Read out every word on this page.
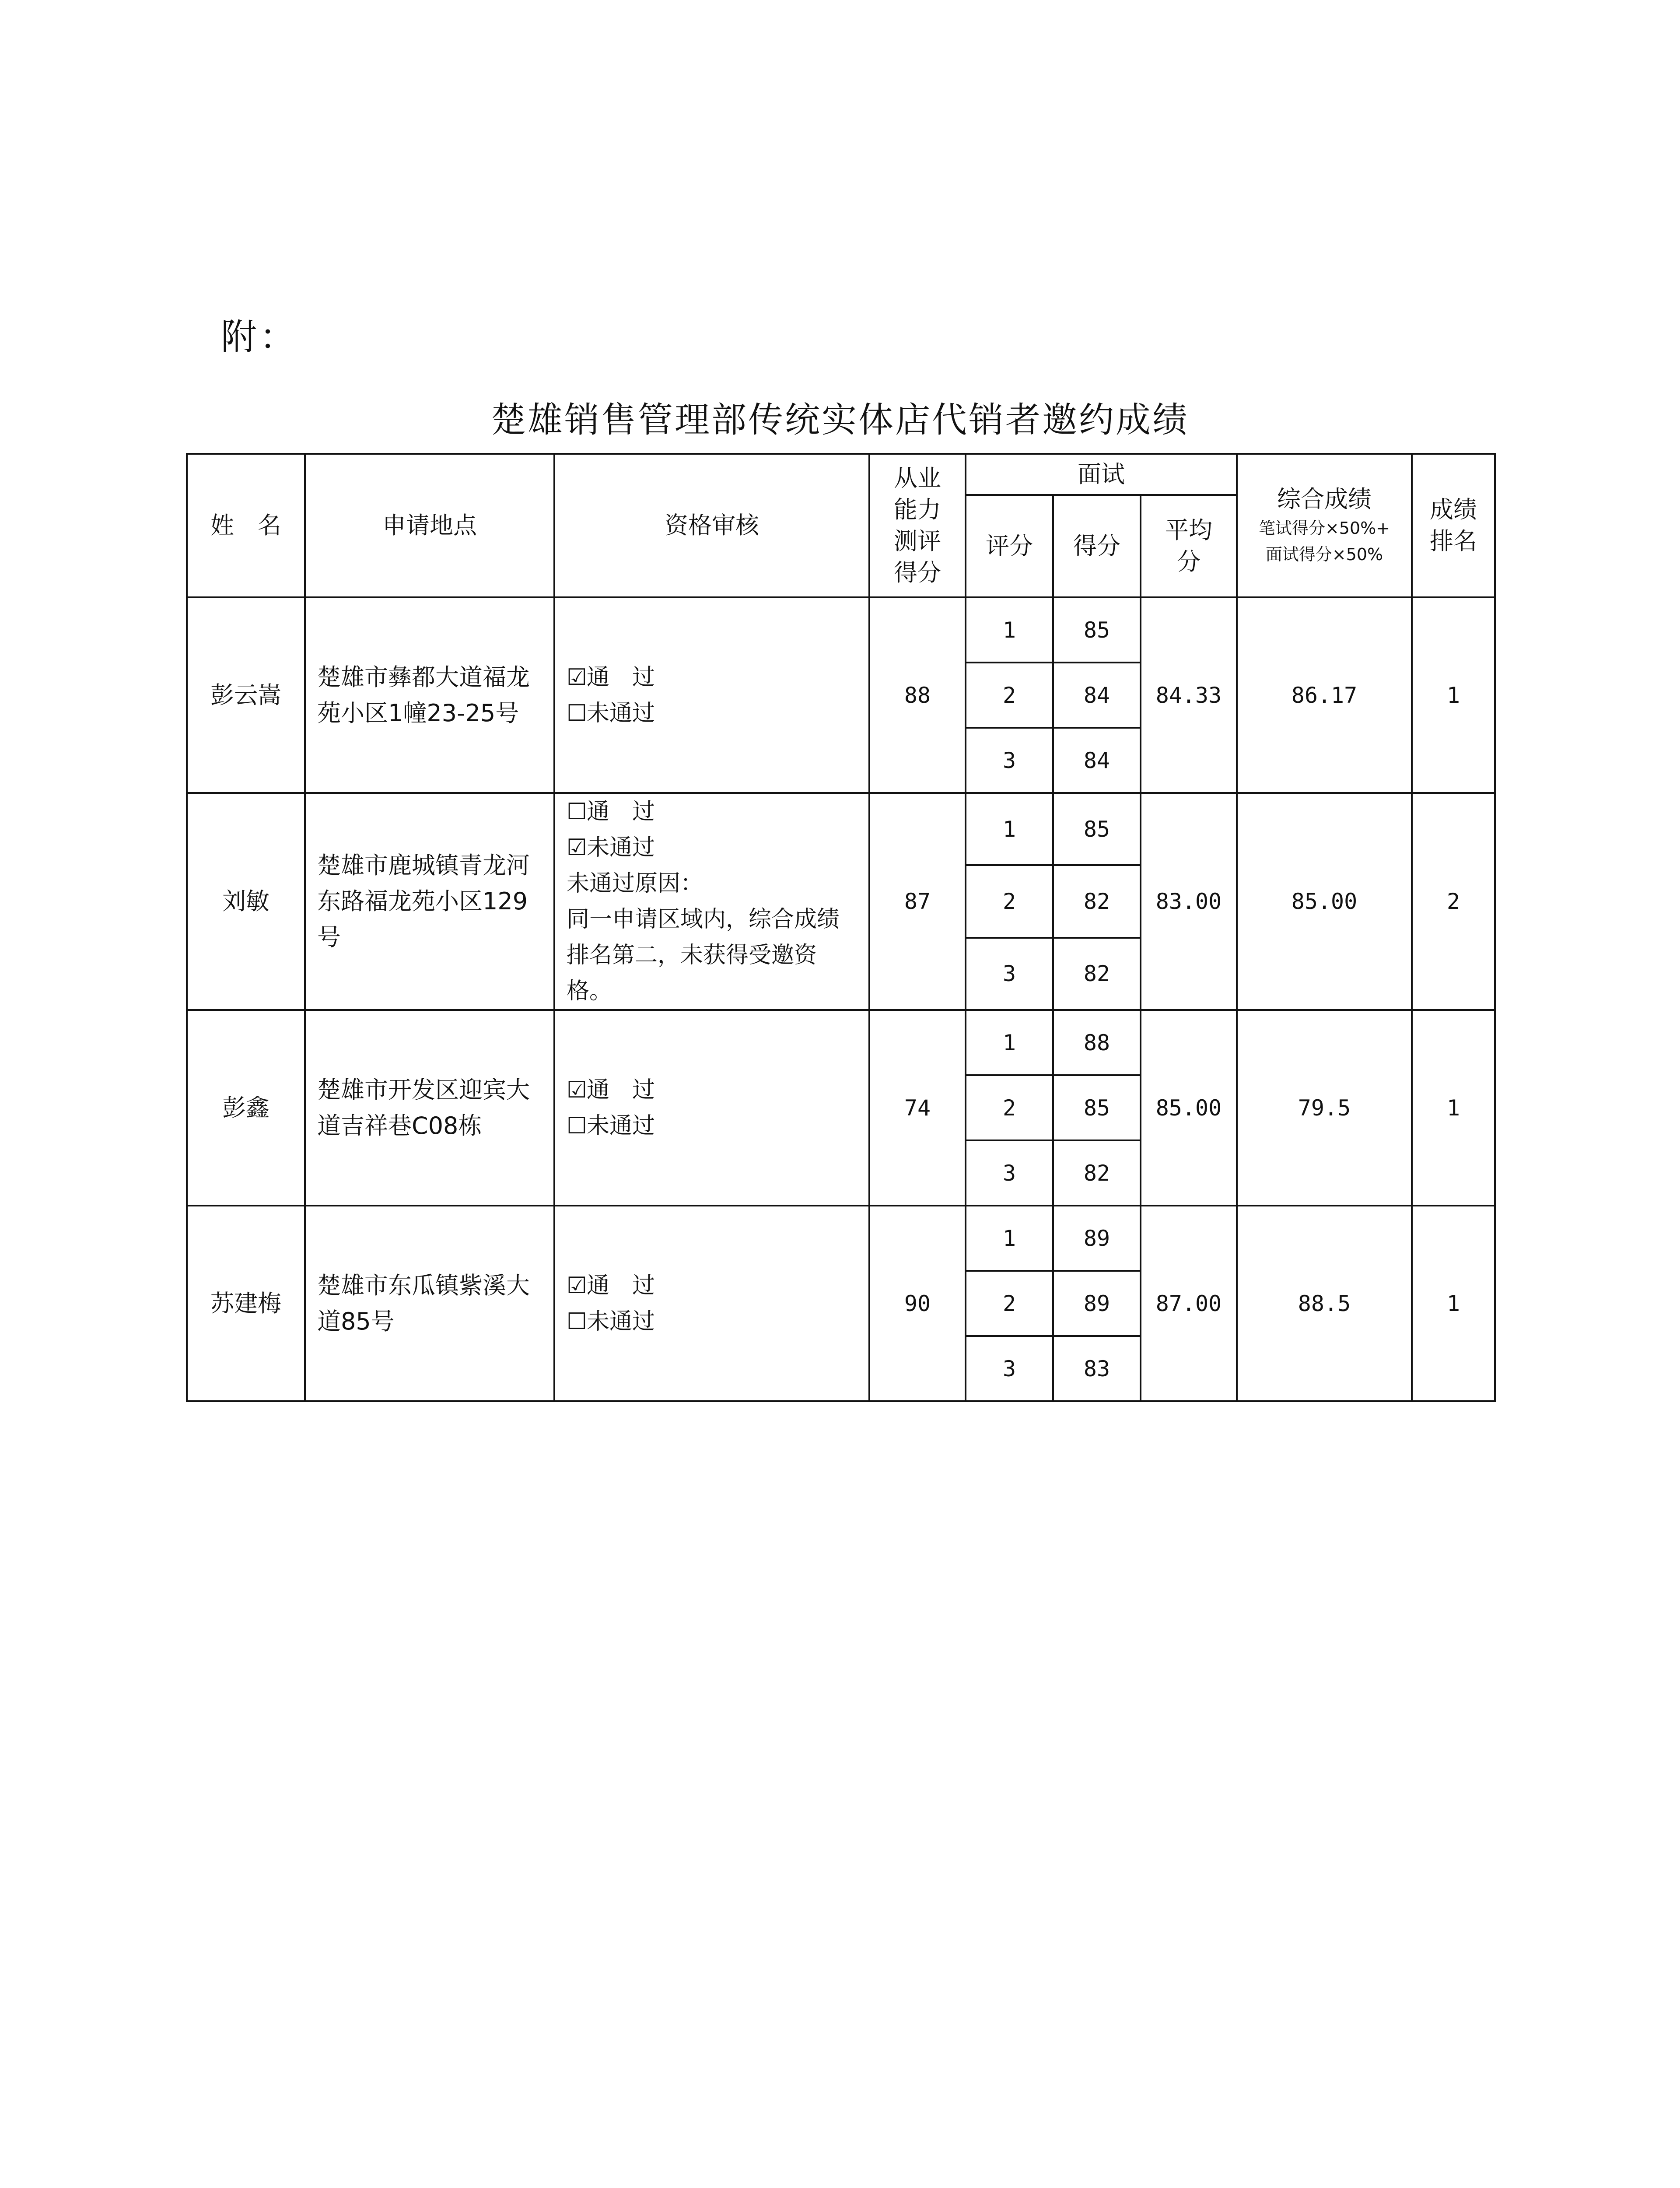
附：
楚雄销售管理部传统实体店代销者邀约成绩
姓　名	申请地点	资格审核	从业能力测评得分	面试			综合成绩
笔试得分×50%+
面试得分×50%	成绩排名

				评分	得分	平均分		

彭云嵩	楚雄市彝都大道福龙苑小区1幢23-25号	☑通　过
☐未通过	88	1	85	84.33	86.17	1
				2	84			
				3	84			
刘敏	楚雄市鹿城镇青龙河东路福龙苑小区129号	☐通　过
☑未通过
未通过原因：
同一申请区域内，综合成绩排名第二，未获得受邀资格。	87	1	85	83.00	85.00	2
				2	82			
				3	82			
彭鑫	楚雄市开发区迎宾大道吉祥巷C08栋	☑通　过
☐未通过	74	1	88	85.00	79.5	1
				2	85			
				3	82			
苏建梅	楚雄市东瓜镇紫溪大道85号	☑通　过
☐未通过	90	1	89	87.00	88.5	1
				2	89			
				3	83			
